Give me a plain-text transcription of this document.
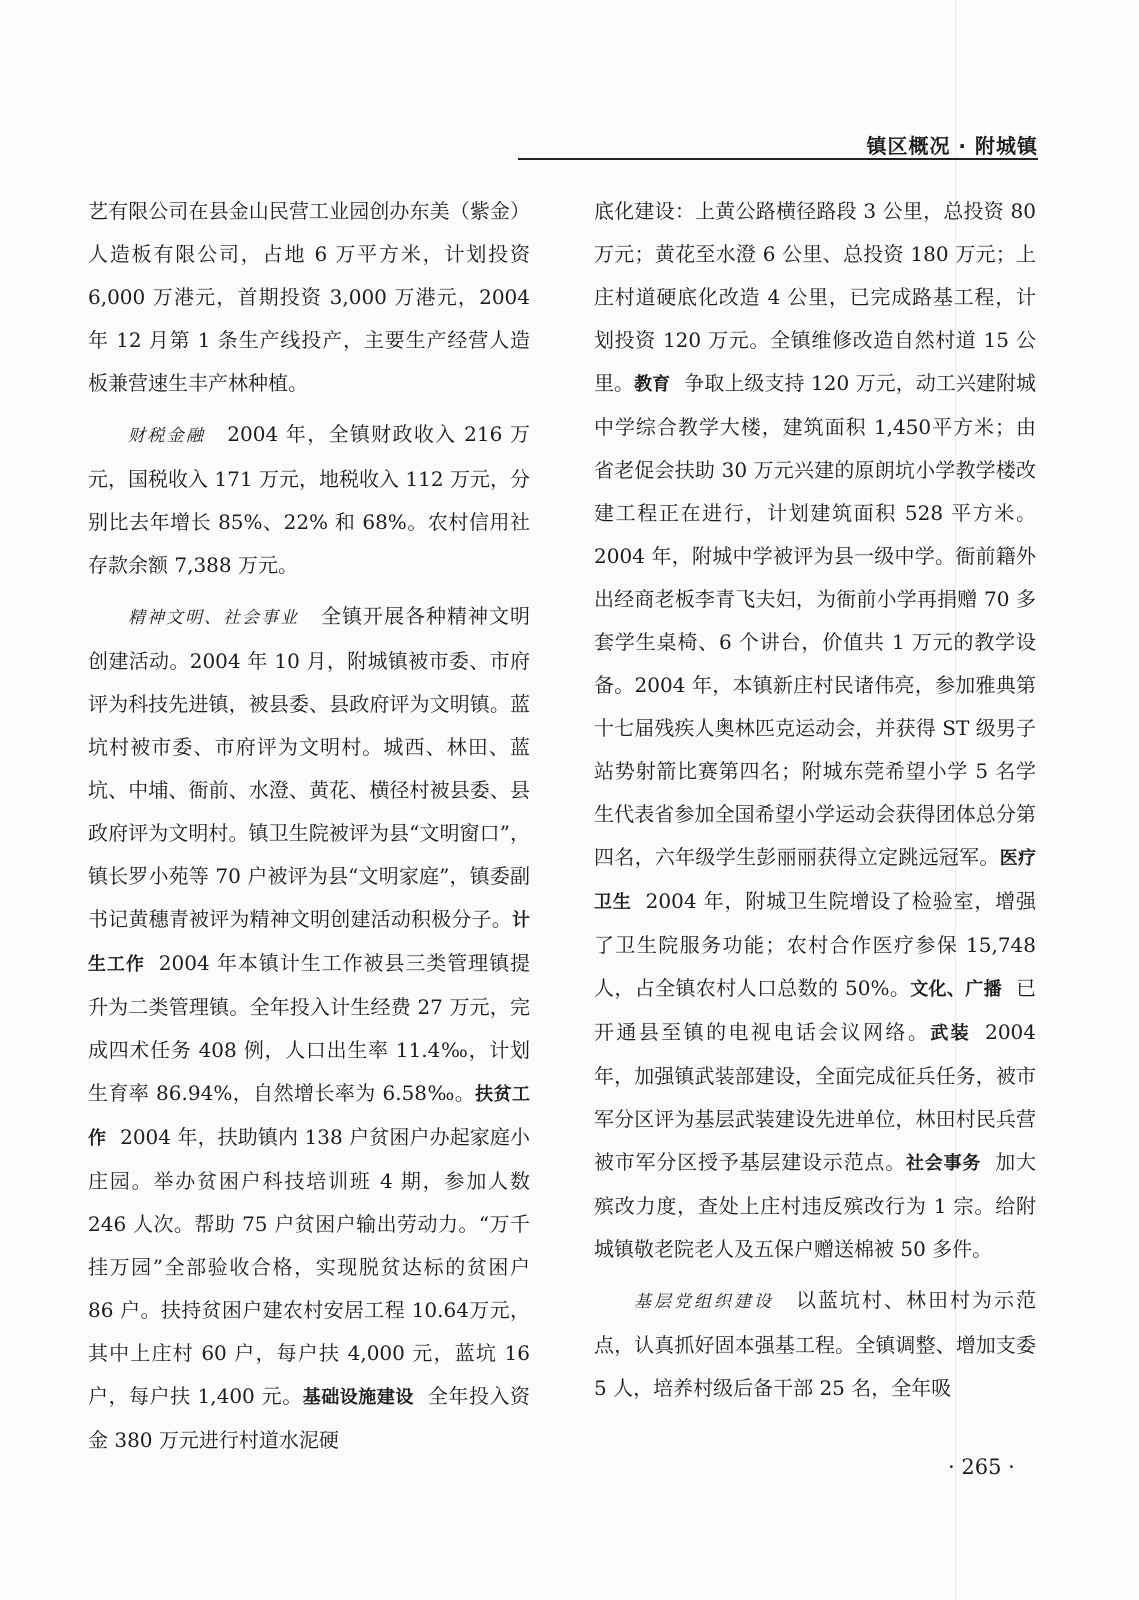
镇区概况 · 附城镇

艺有限公司在县金山民营工业园创办东美（紫金）人造板有限公司，占地 6 万平方米，计划投资 6,000 万港元，首期投资 3,000 万港元，2004 年 12 月第 1 条生产线投产，主要生产经营人造板兼营速生丰产林种植。

财税金融 2004 年，全镇财政收入 216 万元，国税收入 171 万元，地税收入 112 万元，分别比去年增长 85%、22% 和 68%。农村信用社存款余额 7,388 万元。

精神文明、社会事业 全镇开展各种精神文明创建活动。2004 年 10 月，附城镇被市委、市府评为科技先进镇，被县委、县政府评为文明镇。蓝坑村被市委、市府评为文明村。城西、林田、蓝坑、中埔、衙前、水澄、黄花、横径村被县委、县政府评为文明村。镇卫生院被评为县“文明窗口”，镇长罗小苑等 70 户被评为县“文明家庭”，镇委副书记黄穗青被评为精神文明创建活动积极分子。计生工作 2004 年本镇计生工作被县三类管理镇提升为二类管理镇。全年投入计生经费 27 万元，完成四术任务 408 例，人口出生率 11.4‰，计划生育率 86.94%，自然增长率为 6.58‰。扶贫工作 2004 年，扶助镇内 138 户贫困户办起家庭小庄园。举办贫困户科技培训班 4 期，参加人数 246 人次。帮助 75 户贫困户输出劳动力。“万千挂万园”全部验收合格，实现脱贫达标的贫困户 86 户。扶持贫困户建农村安居工程 10.64万元，其中上庄村 60 户，每户扶 4,000 元，蓝坑 16 户，每户扶 1,400 元。基础设施建设 全年投入资金 380 万元进行村道水泥硬

底化建设：上黄公路横径路段 3 公里，总投资 80 万元；黄花至水澄 6 公里、总投资 180 万元；上庄村道硬底化改造 4 公里，已完成路基工程，计划投资 120 万元。全镇维修改造自然村道 15 公里。教育 争取上级支持 120 万元，动工兴建附城中学综合教学大楼，建筑面积 1,450平方米；由省老促会扶助 30 万元兴建的原朗坑小学教学楼改建工程正在进行，计划建筑面积 528 平方米。2004 年，附城中学被评为县一级中学。衙前籍外出经商老板李青飞夫妇，为衙前小学再捐赠 70 多套学生桌椅、6 个讲台，价值共 1 万元的教学设备。2004 年，本镇新庄村民诸伟亮，参加雅典第十七届残疾人奥林匹克运动会，并获得 ST 级男子站势射箭比赛第四名；附城东莞希望小学 5 名学生代表省参加全国希望小学运动会获得团体总分第四名，六年级学生彭丽丽获得立定跳远冠军。医疗卫生 2004 年，附城卫生院增设了检验室，增强了卫生院服务功能；农村合作医疗参保 15,748 人，占全镇农村人口总数的 50%。文化、广播 已开通县至镇的电视电话会议网络。武装 2004 年，加强镇武装部建设，全面完成征兵任务，被市军分区评为基层武装建设先进单位，林田村民兵营被市军分区授予基层建设示范点。社会事务 加大殡改力度，查处上庄村违反殡改行为 1 宗。给附城镇敬老院老人及五保户赠送棉被 50 多件。

基层党组织建设 以蓝坑村、林田村为示范点，认真抓好固本强基工程。全镇调整、增加支委 5 人，培养村级后备干部 25 名，全年吸

· 265 ·
